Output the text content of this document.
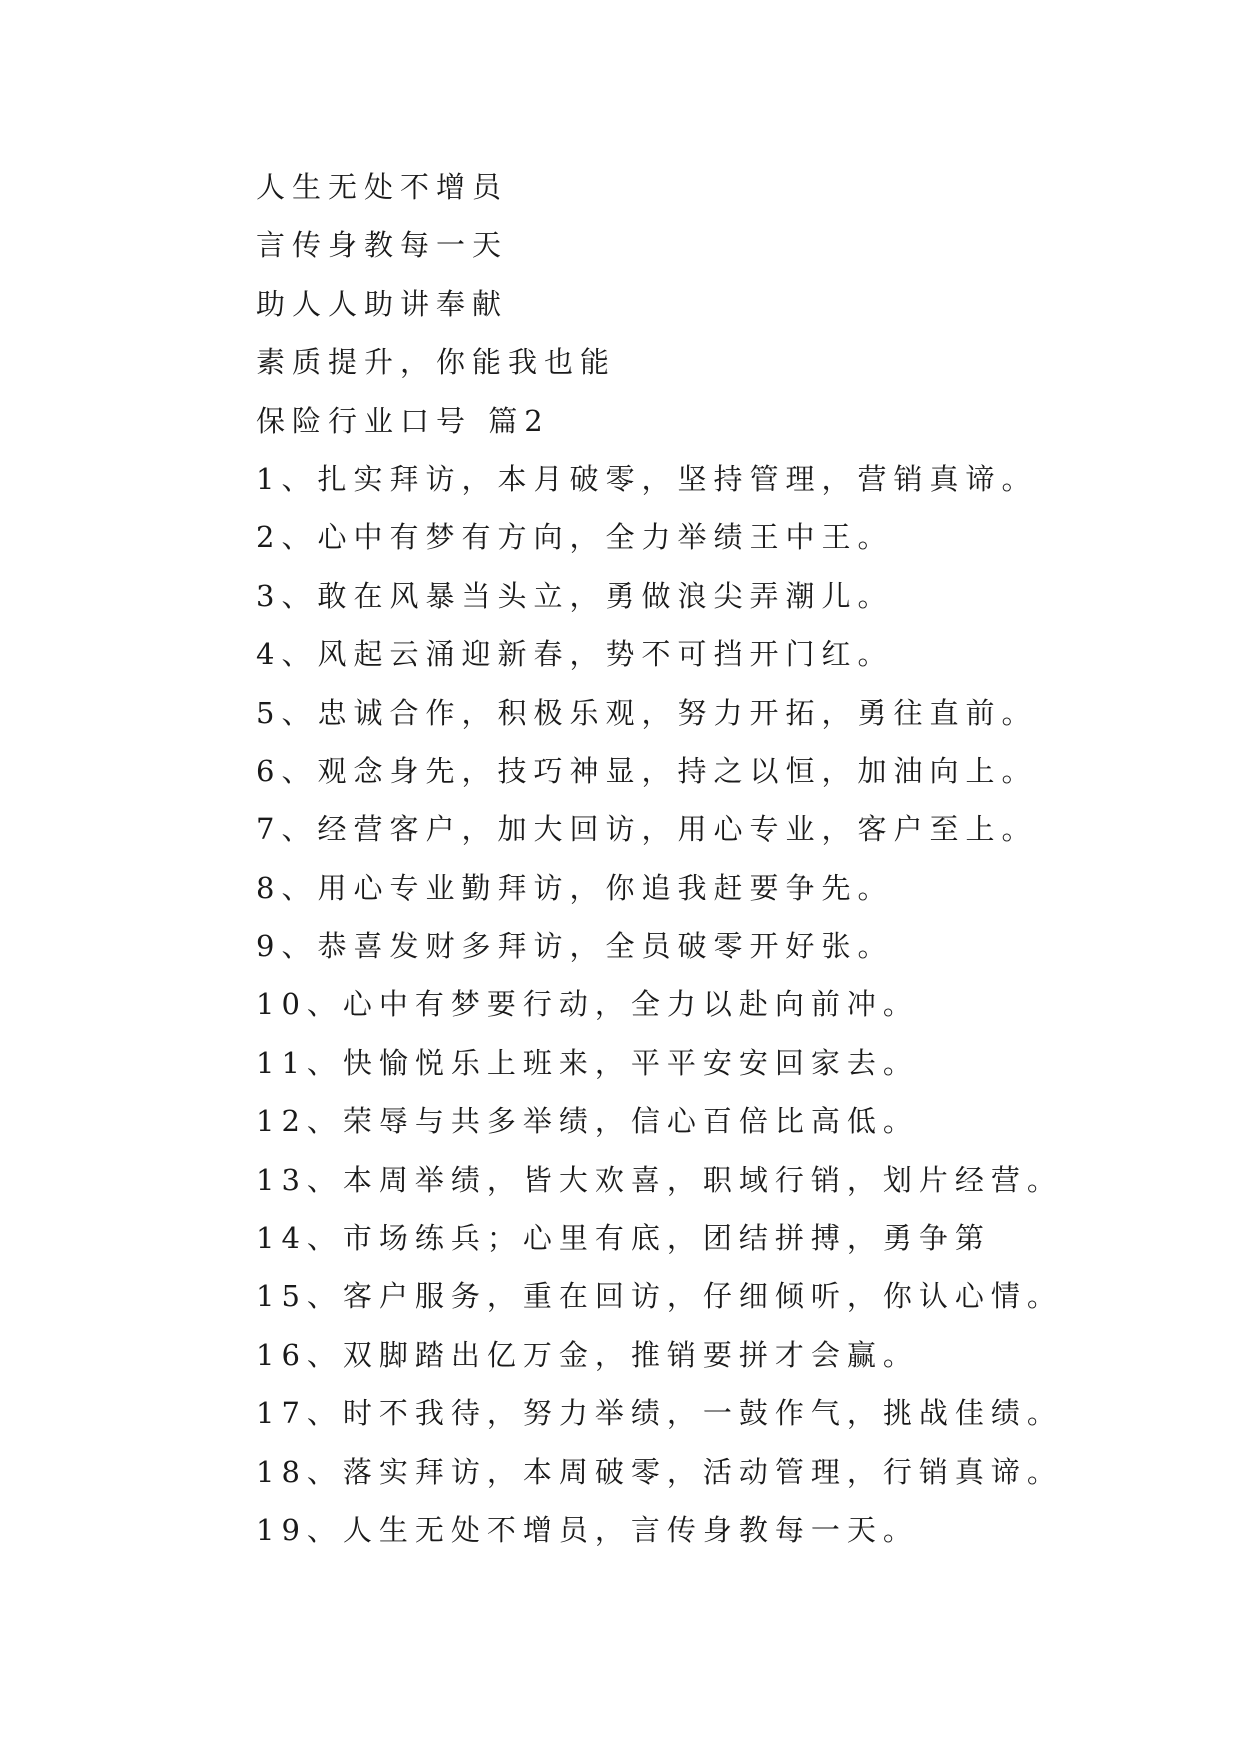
人生无处不增员
言传身教每一天
助人人助讲奉献
素质提升，你能我也能
保险行业口号 篇2
1、扎实拜访，本月破零，坚持管理，营销真谛。
2、心中有梦有方向，全力举绩王中王。
3、敢在风暴当头立，勇做浪尖弄潮儿。
4、风起云涌迎新春，势不可挡开门红。
5、忠诚合作，积极乐观，努力开拓，勇往直前。
6、观念身先，技巧神显，持之以恒，加油向上。
7、经营客户，加大回访，用心专业，客户至上。
8、用心专业勤拜访，你追我赶要争先。
9、恭喜发财多拜访，全员破零开好张。
10、心中有梦要行动，全力以赴向前冲。
11、快愉悦乐上班来，平平安安回家去。
12、荣辱与共多举绩，信心百倍比高低。
13、本周举绩，皆大欢喜，职域行销，划片经营。
14、市场练兵；心里有底，团结拼搏，勇争第
15、客户服务，重在回访，仔细倾听，你认心情。
16、双脚踏出亿万金，推销要拼才会赢。
17、时不我待，努力举绩，一鼓作气，挑战佳绩。
18、落实拜访，本周破零，活动管理，行销真谛。
19、人生无处不增员，言传身教每一天。
